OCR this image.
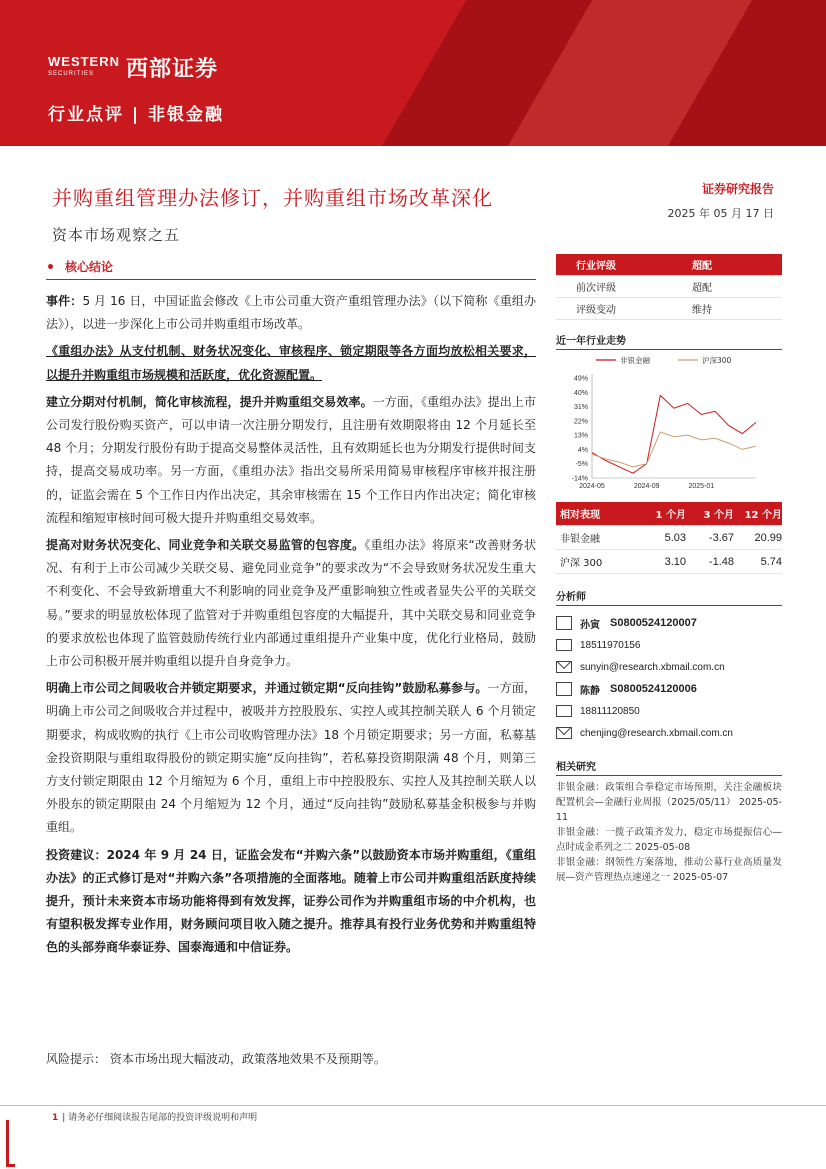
WESTERN
SECURITIES	西部证券
行业点评 | 非银金融
并购重组管理办法修订，并购重组市场改革深化
资本市场观察之五
证券研究报告
2025 年 05 月 17 日
核心结论

事件：5 月 16 日，中国证监会修改《上市公司重大资产重组管理办法》（以下简称《重组办法》），以进一步深化上市公司并购重组市场改革。

《重组办法》从支付机制、财务状况变化、审核程序、锁定期限等各方面均放松相关要求，以提升并购重组市场规模和活跃度，优化资源配置。

建立分期对付机制，简化审核流程，提升并购重组交易效率。一方面，《重组办法》提出上市公司发行股份购买资产，可以申请一次注册分期发行，且注册有效期限将由 12 个月延长至 48 个月；分期发行股份有助于提高交易整体灵活性，且有效期延长也为分期发行提供时间支持，提高交易成功率。另一方面，《重组办法》指出交易所采用简易审核程序审核并报注册的，证监会需在 5 个工作日内作出决定，其余审核需在 15 个工作日内作出决定；简化审核流程和缩短审核时间可极大提升并购重组交易效率。

提高对财务状况变化、同业竞争和关联交易监管的包容度。《重组办法》将原来“改善财务状况、有利于上市公司减少关联交易、避免同业竞争”的要求改为“不会导致财务状况发生重大不利变化、不会导致新增重大不利影响的同业竞争及严重影响独立性或者显失公平的关联交易。”要求的明显放松体现了监管对于并购重组包容度的大幅提升，其中关联交易和同业竞争的要求放松也体现了监管鼓励传统行业内部通过重组提升产业集中度，优化行业格局，鼓励上市公司积极开展并购重组以提升自身竞争力。

明确上市公司之间吸收合并锁定期要求，并通过锁定期“反向挂钩”鼓励私募参与。一方面，明确上市公司之间吸收合并过程中，被吸并方控股股东、实控人或其控制关联人 6 个月锁定期要求，构成收购的执行《上市公司收购管理办法》18 个月锁定期要求；另一方面，私募基金投资期限与重组取得股份的锁定期实施“反向挂钩”，若私募投资期限满 48 个月，则第三方支付锁定期限由 12 个月缩短为 6 个月，重组上市中控股股东、实控人及其控制关联人以外股东的锁定期限由 24 个月缩短为 12 个月，通过“反向挂钩”鼓励私募基金积极参与并购重组。

投资建议：2024 年 9 月 24 日，证监会发布“并购六条”以鼓励资本市场并购重组，《重组办法》的正式修订是对“并购六条”各项措施的全面落地。随着上市公司并购重组活跃度持续提升，预计未来资本市场功能将得到有效发挥，证券公司作为并购重组市场的中介机构，也有望积极发挥专业作用，财务顾问项目收入随之提升。推荐具有投行业务优势和并购重组特色的头部券商华泰证券、国泰海通和中信证券。

风险提示： 资本市场出现大幅波动，政策落地效果不及预期等。
行业评级	超配
前次评级	超配
评级变动	维持
近一年行业走势
非银金融	沪深300
-14%
-5%
4%
13%
22%
31%
40%
49%
2024-05	2024-09	2025-01
相对表现	1 个月	3 个月	12 个月
非银金融	5.03	-3.67	20.99
沪深 300	3.10	-1.48	5.74
分析师
孙寅 S0800524120007
18511970156
sunyin@research.xbmail.com.cn
陈静 S0800524120006
18811120850
chenjing@research.xbmail.com.cn
相关研究
非银金融：政策组合拳稳定市场预期，关注金融板块配置机会—金融行业周报（2025/05/11） 2025-05-11
非银金融：一揽子政策齐发力，稳定市场提振信心—点时成金系列之二 2025-05-08
非银金融：纲领性方案落地，推动公募行业高质量发展—资产管理热点速递之一 2025-05-07
1 | 请务必仔细阅读报告尾部的投资评级说明和声明
